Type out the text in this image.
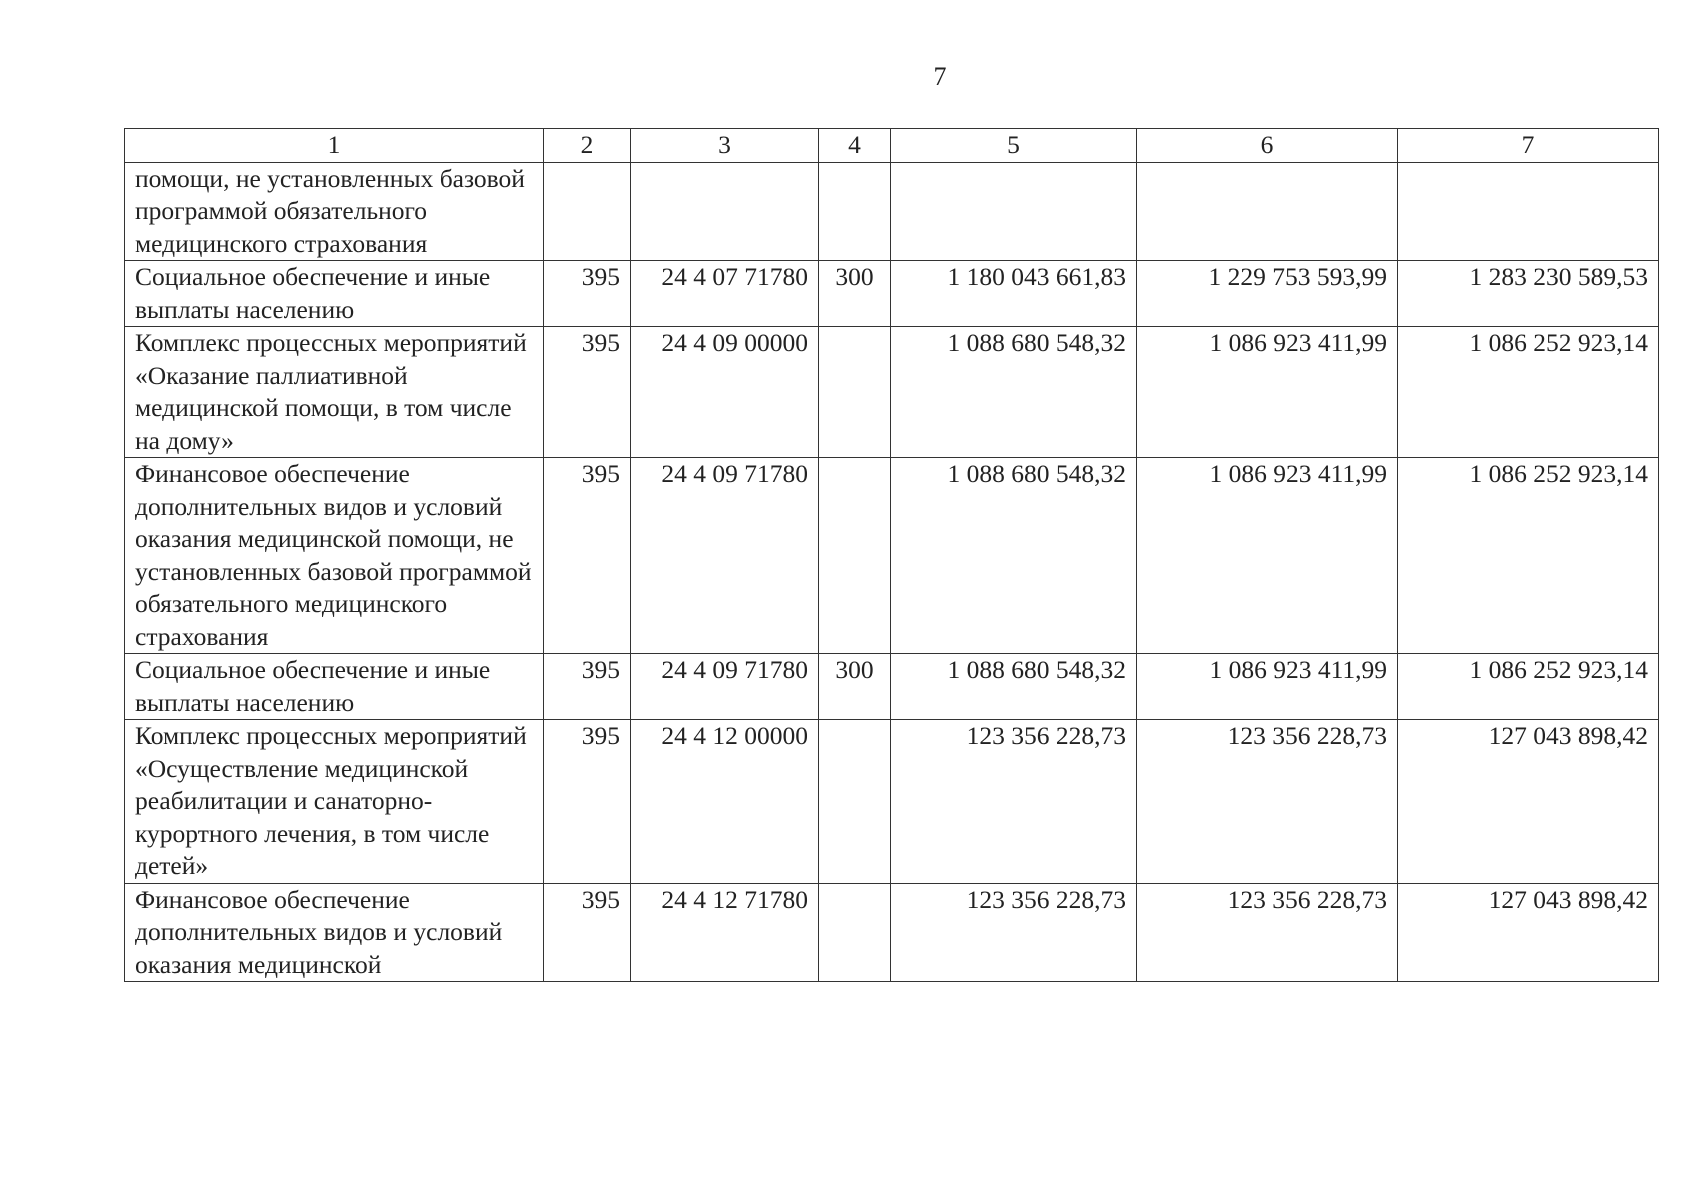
7
1	2	3	4	5	6	7
помощи, не установленных базовой программой обязательного медицинского страхования						
Социальное обеспечение и иные выплаты населению	395	24 4 07 71780	300	1 180 043 661,83	1 229 753 593,99	1 283 230 589,53
Комплекс процессных мероприятий «Оказание паллиативной медицинской помощи, в том числе на дому»	395	24 4 09 00000		1 088 680 548,32	1 086 923 411,99	1 086 252 923,14
Финансовое обеспечение дополнительных видов и условий оказания медицинской помощи, не установленных базовой программой обязательного медицинского страхования	395	24 4 09 71780		1 088 680 548,32	1 086 923 411,99	1 086 252 923,14
Социальное обеспечение и иные выплаты населению	395	24 4 09 71780	300	1 088 680 548,32	1 086 923 411,99	1 086 252 923,14
Комплекс процессных мероприятий «Осуществление медицинской реабилитации и санаторно-курортного лечения, в том числе детей»	395	24 4 12 00000		123 356 228,73	123 356 228,73	127 043 898,42
Финансовое обеспечение дополнительных видов и условий оказания медицинской	395	24 4 12 71780		123 356 228,73	123 356 228,73	127 043 898,42
